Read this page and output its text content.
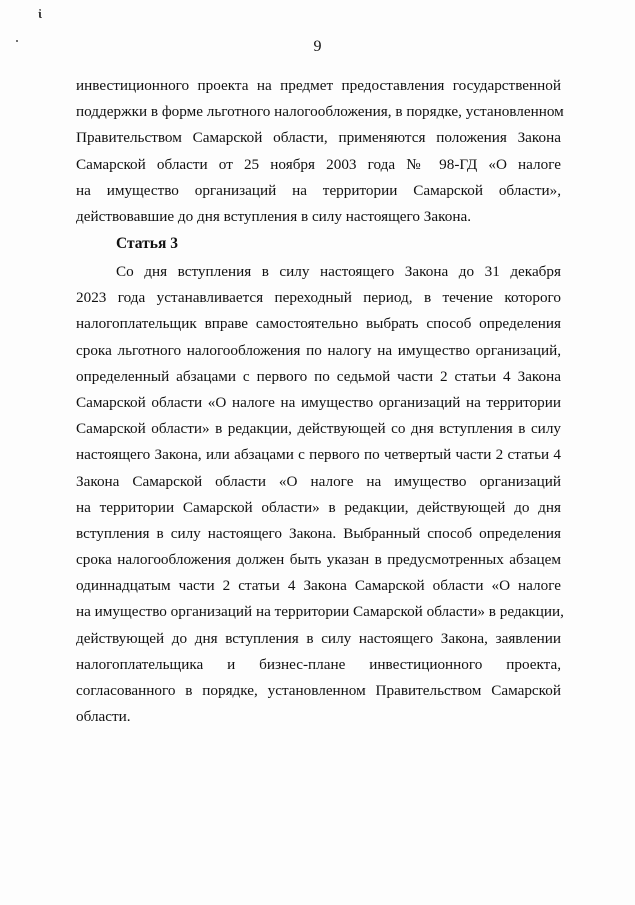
ἰ
9
инвестиционного проекта на предмет предоставления государственной
поддержки в форме льготного налогообложения, в порядке, установленном
Правительством Самарской области, применяются положения Закона
Самарской области от 25 ноября 2003 года № 98-ГД «О налоге
на имущество организаций на территории Самарской области»,
действовавшие до дня вступления в силу настоящего Закона.
Статья 3
Со дня вступления в силу настоящего Закона до 31 декабря
2023 года устанавливается переходный период, в течение которого
налогоплательщик вправе самостоятельно выбрать способ определения
срока льготного налогообложения по налогу на имущество организаций,
определенный абзацами с первого по седьмой части 2 статьи 4 Закона
Самарской области «О налоге на имущество организаций на территории
Самарской области» в редакции, действующей со дня вступления в силу
настоящего Закона, или абзацами с первого по четвертый части 2 статьи 4
Закона Самарской области «О налоге на имущество организаций
на территории Самарской области» в редакции, действующей до дня
вступления в силу настоящего Закона. Выбранный способ определения
срока налогообложения должен быть указан в предусмотренных абзацем
одиннадцатым части 2 статьи 4 Закона Самарской области «О налоге
на имущество организаций на территории Самарской области» в редакции,
действующей до дня вступления в силу настоящего Закона, заявлении
налогоплательщика и бизнес-плане инвестиционного проекта,
согласованного в порядке, установленном Правительством Самарской
области.
